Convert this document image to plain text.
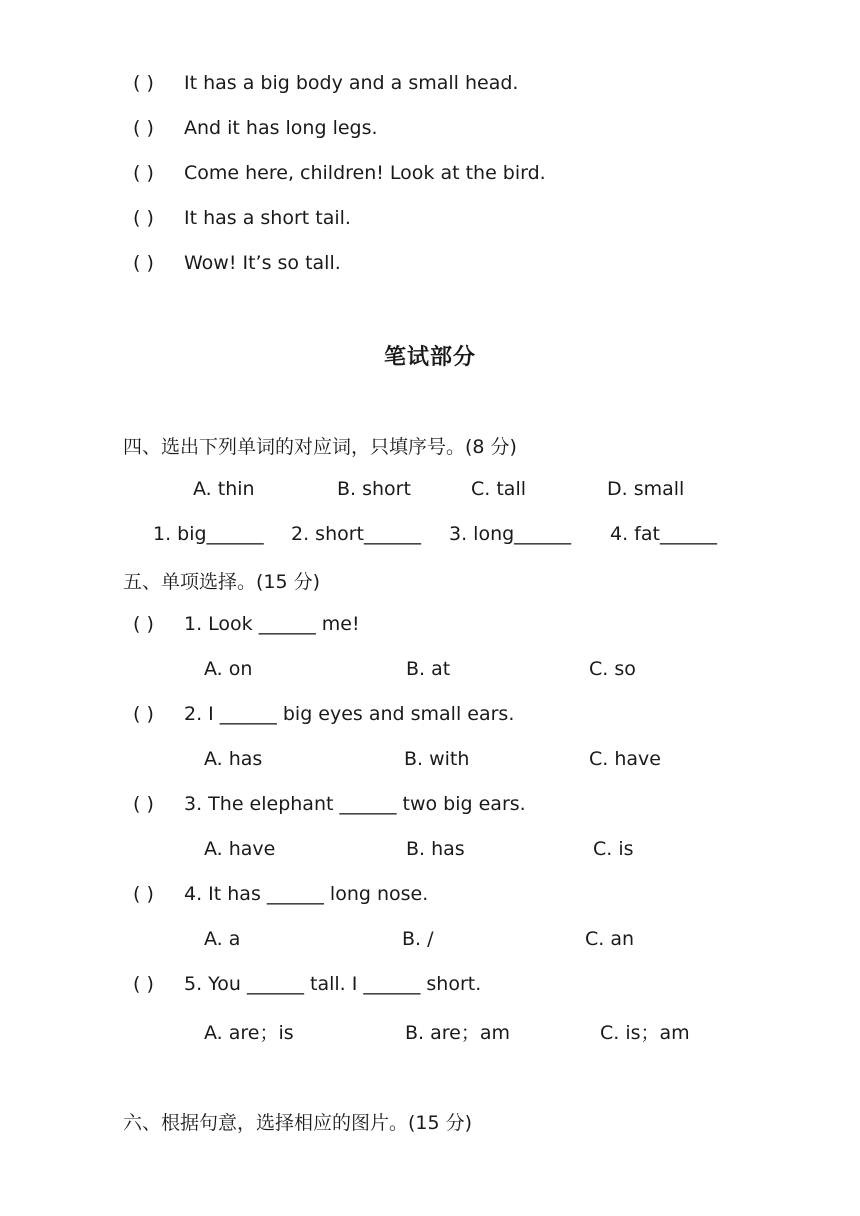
( ) It has a big body and a small head.
( ) And it has long legs.
( ) Come here, children! Look at the bird.
( ) It has a short tail.
( ) Wow! It’s so tall.
笔试部分
四、选出下列单词的对应词，只填序号。(8 分)
A. thin	B. short	C. tall	D. small
1. big______ 2. short______ 3. long______ 4. fat______
五、单项选择。(15 分)
( ) 1. Look ______ me!
A. on	B. at	C. so
( ) 2. I ______ big eyes and small ears.
A. has	B. with	C. have
( ) 3. The elephant ______ two big ears.
A. have	B. has	C. is
( ) 4. It has ______ long nose.
A. a	B. /	C. an
( ) 5. You ______ tall. I ______ short.
A. are；is	B. are；am	C. is；am
六、根据句意，选择相应的图片。(15 分)
